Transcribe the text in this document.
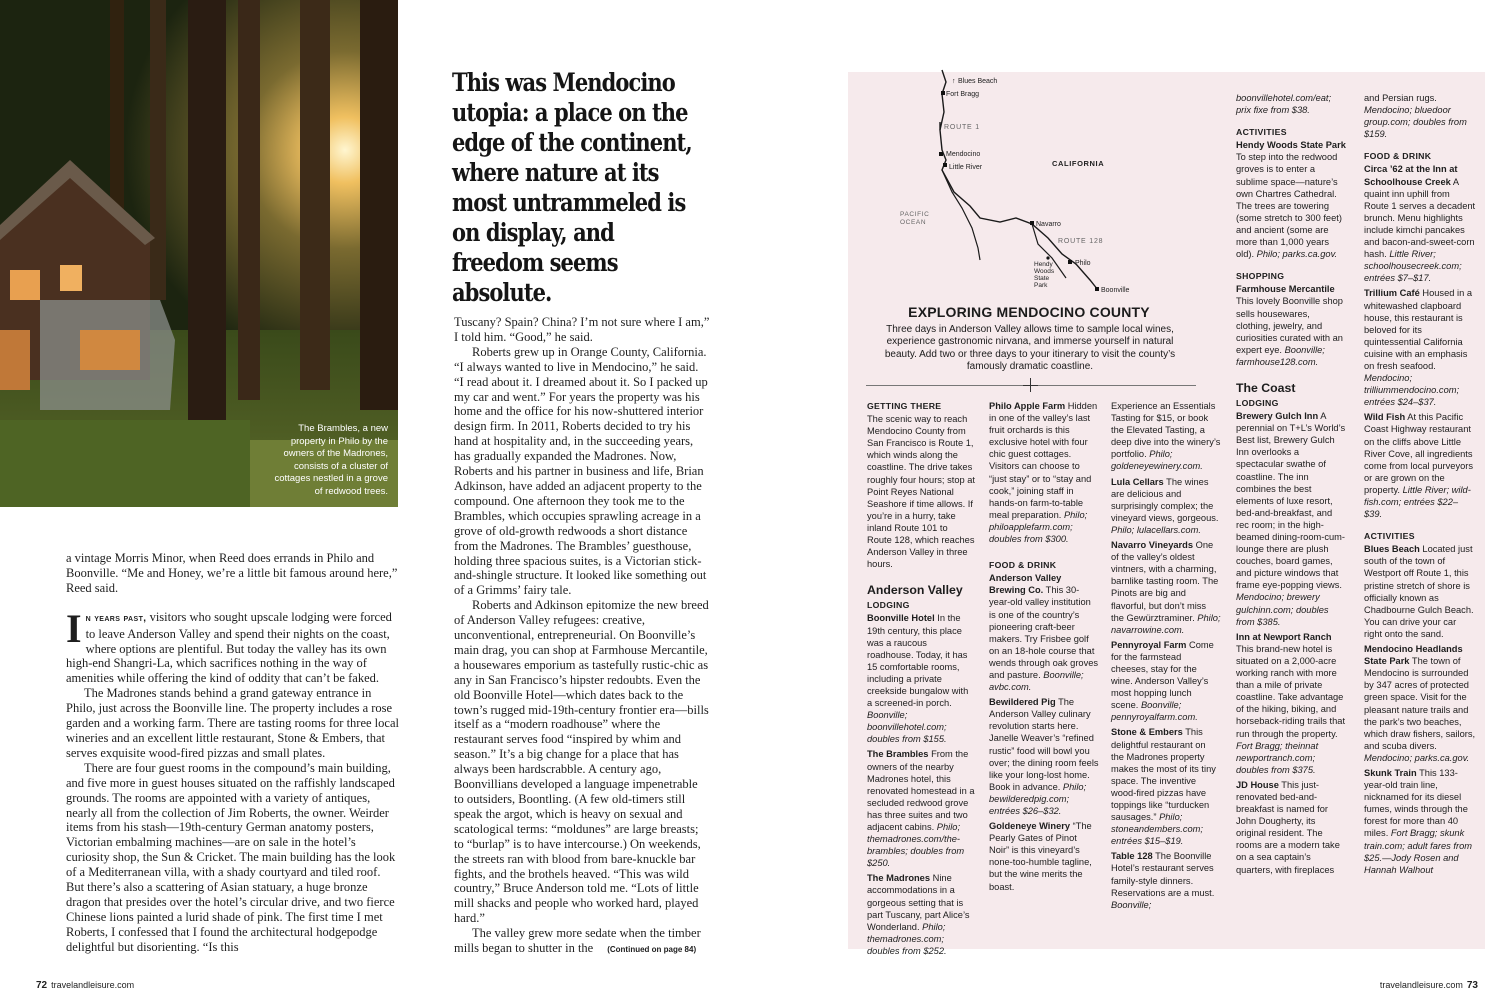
The Brambles, a new property in Philo by the owners of the Madrones, consists of a cluster of cottages nestled in a grove of redwood trees.
This was Mendocino utopia: a place on the edge of the continent, where nature at its most untrammeled is on display, and freedom seems absolute.

a vintage Morris Minor, when Reed does errands in Philo and Boonville. “Me and Honey, we’re a little bit famous around here,” Reed said.

In years past, visitors who sought upscale lodging were forced to leave Anderson Valley and spend their nights on the coast, where options are plentiful. But today the valley has its own high-end Shangri-La, which sacrifices nothing in the way of amenities while offering the kind of oddity that can’t be faked.

The Madrones stands behind a grand gateway entrance in Philo, just across the Boonville line. The property includes a rose garden and a working farm. There are tasting rooms for three local wineries and an excellent little restaurant, Stone & Embers, that serves exquisite wood-fired pizzas and small plates.

There are four guest rooms in the compound’s main building, and five more in guest houses situated on the raffishly landscaped grounds. The rooms are appointed with a variety of antiques, nearly all from the collection of Jim Roberts, the owner. Weirder items from his stash—19th-century German anatomy posters, Victorian embalming machines—are on sale in the hotel’s curiosity shop, the Sun & Cricket. The main building has the look of a Mediterranean villa, with a shady courtyard and tiled roof. But there’s also a scattering of Asian statuary, a huge bronze dragon that presides over the hotel’s circular drive, and two fierce Chinese lions painted a lurid shade of pink. The first time I met Roberts, I confessed that I found the architectural hodgepodge delightful but disorienting. “Is this

Tuscany? Spain? China? I’m not sure where I am,” I told him. “Good,” he said.

Roberts grew up in Orange County, California. “I always wanted to live in Mendocino,” he said. “I read about it. I dreamed about it. So I packed up my car and went.” For years the property was his home and the office for his now-shuttered interior design firm. In 2011, Roberts decided to try his hand at hospitality and, in the succeeding years, has gradually expanded the Madrones. Now, Roberts and his partner in business and life, Brian Adkinson, have added an adjacent property to the compound. One afternoon they took me to the Brambles, which occupies sprawling acreage in a grove of old-growth redwoods a short distance from the Madrones. The Brambles’ guesthouse, holding three spacious suites, is a Victorian stick-and-shingle structure. It looked like something out of a Grimms’ fairy tale.

Roberts and Adkinson epitomize the new breed of Anderson Valley refugees: creative, unconventional, entrepreneurial. On Boonville’s main drag, you can shop at Farmhouse Mercantile, a housewares emporium as tastefully rustic-chic as any in San Francisco’s hipster redoubts. Even the old Boonville Hotel—which dates back to the town’s rugged mid-19th-century frontier era—bills itself as a “modern roadhouse” where the restaurant serves food “inspired by whim and season.” It’s a big change for a place that has always been hardscrabble. A century ago, Boonvillians developed a language impenetrable to outsiders, Boontling. (A few old-timers still speak the argot, which is heavy on sexual and scatological terms: “moldunes” are large breasts; to “burlap” is to have intercourse.) On weekends, the streets ran with blood from bare-knuckle bar fights, and the brothels heaved. “This was wild country,” Bruce Anderson told me. “Lots of little mill shacks and people who worked hard, played hard.”

The valley grew more sedate when the timber mills began to shutter in the (Continued on page 84)

↑ Blues Beach
Fort Bragg
ROUTE 1
Mendocino
Little River	CALIFORNIA
PACIFIC
OCEAN	Navarro
ROUTE 128
Hendy
Woods
State
Park
Philo
Boonville
EXPLORING MENDOCINO COUNTY
Three days in Anderson Valley allows time to sample local wines, experience gastronomic nirvana, and immerse yourself in natural beauty. Add two or three days to your itinerary to visit the county’s famously dramatic coastline.
GETTING THERE
The scenic way to reach Mendocino County from San Francisco is Route 1, which winds along the coastline. The drive takes roughly four hours; stop at Point Reyes National Seashore if time allows. If you’re in a hurry, take inland Route 101 to Route 128, which reaches Anderson Valley in three hours.
Anderson Valley
LODGING
Boonville Hotel In the 19th century, this place was a raucous roadhouse. Today, it has 15 comfortable rooms, including a private creekside bungalow with a screened-in porch. Boonville; boonvillehotel.com; doubles from $155.
The Brambles From the owners of the nearby Madrones hotel, this renovated homestead in a secluded redwood grove has three suites and two adjacent cabins. Philo; themadrones.com/the-brambles; doubles from $250.
The Madrones Nine accommodations in a gorgeous setting that is part Tuscany, part Alice’s Wonderland. Philo; themadrones.com; doubles from $252.
Philo Apple Farm Hidden in one of the valley’s last fruit orchards is this exclusive hotel with four chic guest cottages. Visitors can choose to “just stay” or to “stay and cook,” joining staff in hands-on farm-to-table meal preparation. Philo; philoapplefarm.com; doubles from $300.
FOOD & DRINK
Anderson Valley Brewing Co. This 30-year-old valley institution is one of the country’s pioneering craft-beer makers. Try Frisbee golf on an 18-hole course that wends through oak groves and pasture. Boonville; avbc.com.
Bewildered Pig The Anderson Valley culinary revolution starts here. Janelle Weaver’s “refined rustic” food will bowl you over; the dining room feels like your long-lost home. Book in advance. Philo; bewilderedpig.com; entrées $26–$32.
Goldeneye Winery “The Pearly Gates of Pinot Noir” is this vineyard’s none-too-humble tagline, but the wine merits the boast.
Experience an Essentials Tasting for $15, or book the Elevated Tasting, a deep dive into the winery’s portfolio. Philo; goldeneyewinery.com.
Lula Cellars The wines are delicious and surprisingly complex; the vineyard views, gorgeous. Philo; lulacellars.com.
Navarro Vineyards One of the valley’s oldest vintners, with a charming, barnlike tasting room. The Pinots are big and flavorful, but don’t miss the Gewürztraminer. Philo; navarrowine.com.
Pennyroyal Farm Come for the farmstead cheeses, stay for the wine. Anderson Valley’s most hopping lunch scene. Boonville; pennyroyalfarm.com.
Stone & Embers This delightful restaurant on the Madrones property makes the most of its tiny space. The inventive wood-fired pizzas have toppings like “turducken sausages.” Philo; stoneandembers.com; entrées $15–$19.
Table 128 The Boonville Hotel’s restaurant serves family-style dinners. Reservations are a must. Boonville;
boonvillehotel.com/eat; prix fixe from $38.
ACTIVITIES
Hendy Woods State Park To step into the redwood groves is to enter a sublime space—nature’s own Chartres Cathedral. The trees are towering (some stretch to 300 feet) and ancient (some are more than 1,000 years old). Philo; parks.ca.gov.
SHOPPING
Farmhouse Mercantile This lovely Boonville shop sells housewares, clothing, jewelry, and curiosities curated with an expert eye. Boonville; farmhouse128.com.
The Coast
LODGING
Brewery Gulch Inn A perennial on T+L’s World’s Best list, Brewery Gulch Inn overlooks a spectacular swathe of coastline. The inn combines the best elements of luxe resort, bed-and-breakfast, and rec room; in the high-beamed dining-room-cum-lounge there are plush couches, board games, and picture windows that frame eye-popping views. Mendocino; brewery gulchinn.com; doubles from $385.
Inn at Newport Ranch This brand-new hotel is situated on a 2,000-acre working ranch with more than a mile of private coastline. Take advantage of the hiking, biking, and horseback-riding trails that run through the property. Fort Bragg; theinnat newportranch.com; doubles from $375.
JD House This just-renovated bed-and-breakfast is named for John Dougherty, its original resident. The rooms are a modern take on a sea captain’s quarters, with fireplaces
and Persian rugs. Mendocino; bluedoor group.com; doubles from $159.
FOOD & DRINK
Circa ’62 at the Inn at Schoolhouse Creek A quaint inn uphill from Route 1 serves a decadent brunch. Menu highlights include kimchi pancakes and bacon-and-sweet-corn hash. Little River; schoolhousecreek.com; entrées $7–$17.
Trillium Café Housed in a whitewashed clapboard house, this restaurant is beloved for its quintessential California cuisine with an emphasis on fresh seafood. Mendocino; trilliummendocino.com; entrées $24–$37.
Wild Fish At this Pacific Coast Highway restaurant on the cliffs above Little River Cove, all ingredients come from local purveyors or are grown on the property. Little River; wild-fish.com; entrées $22–$39.
ACTIVITIES
Blues Beach Located just south of the town of Westport off Route 1, this pristine stretch of shore is officially known as Chadbourne Gulch Beach. You can drive your car right onto the sand.
Mendocino Headlands State Park The town of Mendocino is surrounded by 347 acres of protected green space. Visit for the pleasant nature trails and the park’s two beaches, which draw fishers, sailors, and scuba divers. Mendocino; parks.ca.gov.
Skunk Train This 133-year-old train line, nicknamed for its diesel fumes, winds through the forest for more than 40 miles. Fort Bragg; skunk train.com; adult fares from $25.—Jody Rosen and Hannah Walhout
72 travelandleisure.com	travelandleisure.com 73
